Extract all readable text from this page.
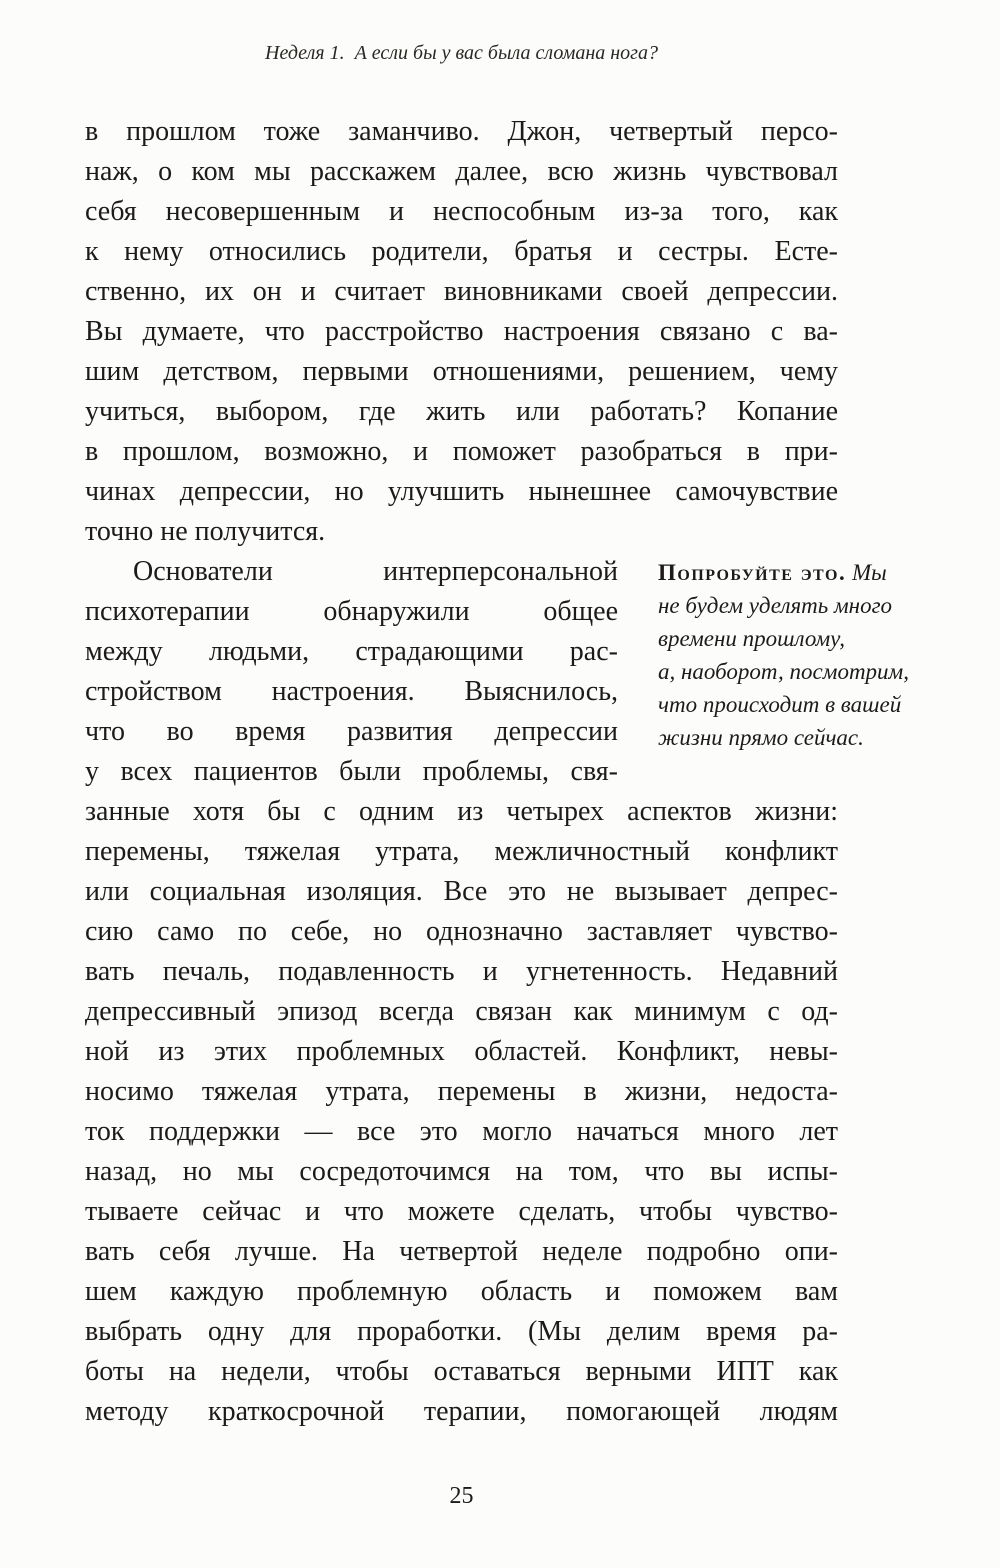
Неделя 1. А если бы у вас была сломана нога?
в прошлом тоже заманчиво. Джон, четвертый персо-
наж, о ком мы расскажем далее, всю жизнь чувствовал
себя несовершенным и неспособным из-за того, как
к нему относились родители, братья и сестры. Есте-
ственно, их он и считает виновниками своей депрессии.
Вы думаете, что расстройство настроения связано с ва-
шим детством, первыми отношениями, решением, чему
учиться, выбором, где жить или работать? Копание
в прошлом, возможно, и поможет разобраться в при-
чинах депрессии, но улучшить нынешнее самочувствие
точно не получится.
Основатели интерперсональной
психотерапии обнаружили общее
между людьми, страдающими рас-
стройством настроения. Выяснилось,
что во время развития депрессии
у всех пациентов были проблемы, свя-
занные хотя бы с одним из четырех аспектов жизни:
перемены, тяжелая утрата, межличностный конфликт
или социальная изоляция. Все это не вызывает депрес-
сию само по себе, но однозначно заставляет чувство-
вать печаль, подавленность и угнетенность. Недавний
депрессивный эпизод всегда связан как минимум с од-
ной из этих проблемных областей. Конфликт, невы-
носимо тяжелая утрата, перемены в жизни, недоста-
ток поддержки — все это могло начаться много лет
назад, но мы сосредоточимся на том, что вы испы-
тываете сейчас и что можете сделать, чтобы чувство-
вать себя лучше. На четвертой неделе подробно опи-
шем каждую проблемную область и поможем вам
выбрать одну для проработки. (Мы делим время ра-
боты на недели, чтобы оставаться верными ИПТ как
методу краткосрочной терапии, помогающей людям
Попробуйте это. Мы
не будем уделять много
времени прошлому,
а, наоборот, посмотрим,
что происходит в вашей
жизни прямо сейчас.
25
